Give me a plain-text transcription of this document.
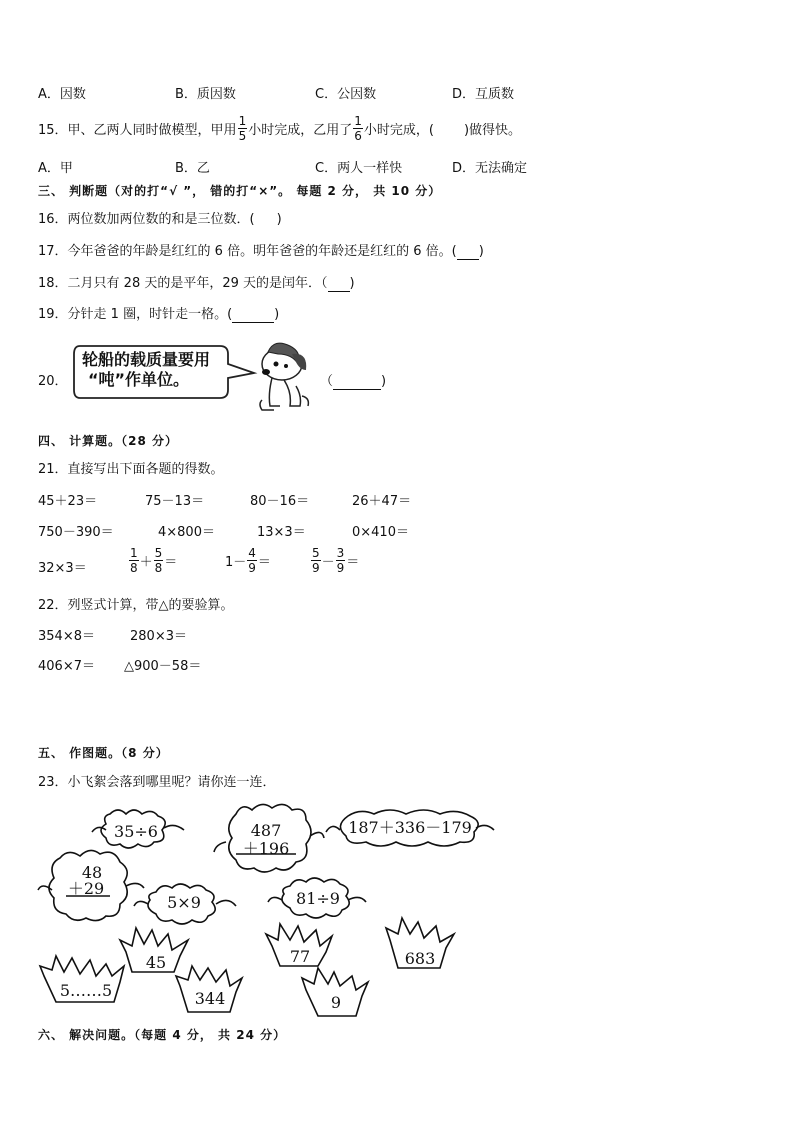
A．因数	B．质因数	C．公因数	D．互质数
15． 甲、乙两人同时做模型，甲用 $\frac{1}{5}$ 小时完成，乙用了 $\frac{1}{6}$ 小时完成，( )做得快。
A．甲	B．乙	C．两人一样快	D．无法确定
三、 判断题（对的打“√ ”， 错的打“×”。 每题 2 分， 共 10 分）
16．两位数加两位数的和是三位数．( )
17．今年爸爸的年龄是红红的 6 倍。明年爸爸的年龄还是红红的 6 倍。( )
18．二月只有 28 天的是平年，29 天的是闰年．（ )
19．分针走 1 圈，时针走一格。(	)
20．
轮船的载质量要用
“吨”作单位。	（	)
四、 计算题。（28 分）
21．直接写出下面各题的得数。
45＋23＝	75－13＝	80－16＝	26＋47＝
750－390＝	4×800＝	13×3＝	0×410＝
32×3＝	$\frac{1}{8} + \frac{5}{8}$ ＝	$1- \frac{4}{9}$ ＝	$\frac{5}{9} - \frac{3}{9}$ ＝
22．列竖式计算，带△的要验算。
354×8＝	280×3＝
406×7＝ △900－58＝
五、 作图题。（8 分）
23．小飞絮会落到哪里呢？请你连一连．
35÷6	487
＋196
187＋336－179
48
＋29
5×9	81÷9
45	77	683
5……5	344	9
六、 解决问题。（每题 4 分， 共 24 分）
